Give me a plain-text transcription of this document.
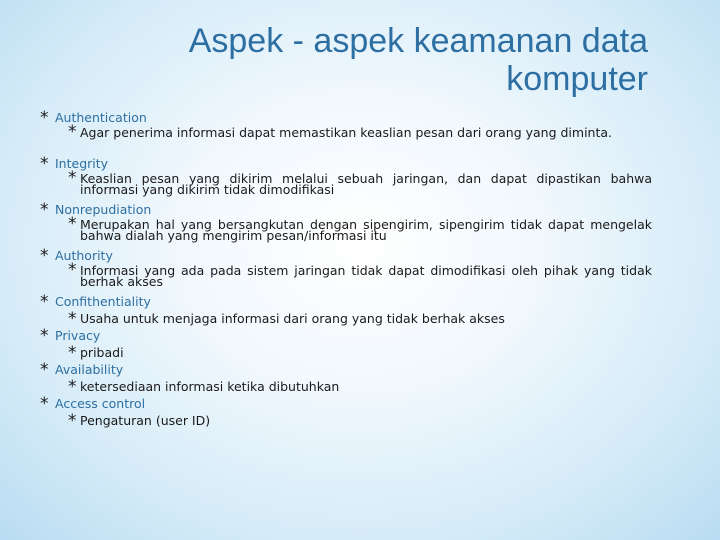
Aspek - aspek keamanan data
komputer
* Authentication
* Agar penerima informasi dapat memastikan keaslian pesan dari orang yang diminta.
* Integrity
* Keaslian pesan yang dikirim melalui sebuah jaringan, dan dapat dipastikan bahwa informasi yang dikirim tidak dimodifikasi
* Nonrepudiation
* Merupakan hal yang bersangkutan dengan sipengirim, sipengirim tidak dapat mengelak bahwa dialah yang mengirim pesan/informasi itu
* Authority
* Informasi yang ada pada sistem jaringan tidak dapat dimodifikasi oleh pihak yang tidak berhak akses
* Confithentiality
* Usaha untuk menjaga informasi dari orang yang tidak berhak akses
* Privacy
* pribadi
* Availability
* ketersediaan informasi ketika dibutuhkan
* Access control
* Pengaturan (user ID)
